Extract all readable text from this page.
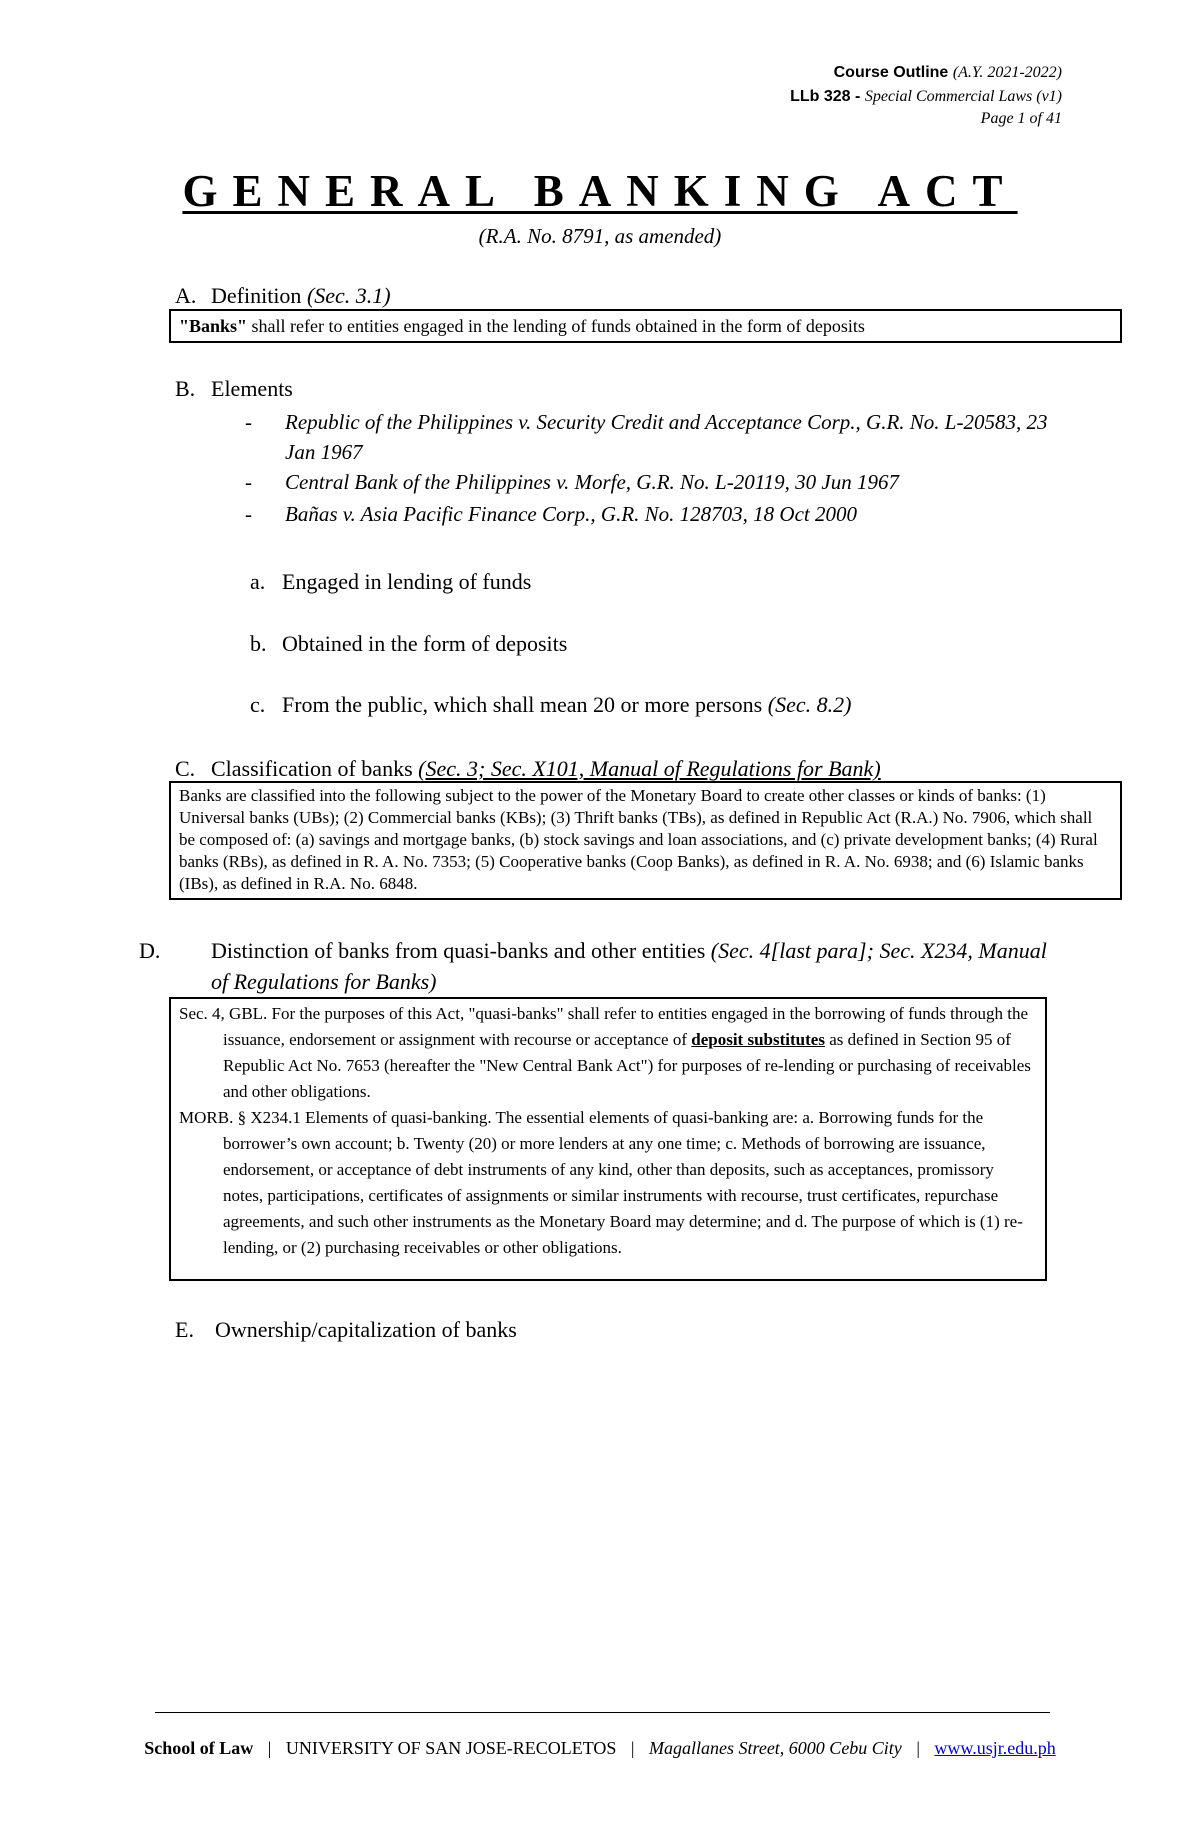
Course Outline (A.Y. 2021-2022)
LLb 328 - Special Commercial Laws (v1)
Page 1 of 41
GENERAL BANKING ACT
(R.A. No. 8791, as amended)
A. Definition (Sec. 3.1)
"Banks" shall refer to entities engaged in the lending of funds obtained in the form of deposits
B. Elements
- Republic of the Philippines v. Security Credit and Acceptance Corp., G.R. No. L-20583, 23 Jan 1967
- Central Bank of the Philippines v. Morfe, G.R. No. L-20119, 30 Jun 1967
- Bañas v. Asia Pacific Finance Corp., G.R. No. 128703, 18 Oct 2000
a. Engaged in lending of funds
b. Obtained in the form of deposits
c. From the public, which shall mean 20 or more persons (Sec. 8.2)
C. Classification of banks (Sec. 3; Sec. X101, Manual of Regulations for Bank)
Banks are classified into the following subject to the power of the Monetary Board to create other classes or kinds of banks: (1) Universal banks (UBs); (2) Commercial banks (KBs); (3) Thrift banks (TBs), as defined in Republic Act (R.A.) No. 7906, which shall be composed of: (a) savings and mortgage banks, (b) stock savings and loan associations, and (c) private development banks; (4) Rural banks (RBs), as defined in R. A. No. 7353; (5) Cooperative banks (Coop Banks), as defined in R. A. No. 6938; and (6) Islamic banks (IBs), as defined in R.A. No. 6848.
D. Distinction of banks from quasi-banks and other entities (Sec. 4[last para]; Sec. X234, Manual of Regulations for Banks)

Sec. 4, GBL. For the purposes of this Act, "quasi-banks" shall refer to entities engaged in the borrowing of funds through the issuance, endorsement or assignment with recourse or acceptance of deposit substitutes as defined in Section 95 of Republic Act No. 7653 (hereafter the "New Central Bank Act") for purposes of re-lending or purchasing of receivables and other obligations.

MORB. § X234.1 Elements of quasi-banking. The essential elements of quasi-banking are: a. Borrowing funds for the borrower’s own account; b. Twenty (20) or more lenders at any one time; c. Methods of borrowing are issuance, endorsement, or acceptance of debt instruments of any kind, other than deposits, such as acceptances, promissory notes, participations, certificates of assignments or similar instruments with recourse, trust certificates, repurchase agreements, and such other instruments as the Monetary Board may determine; and d. The purpose of which is (1) re-lending, or (2) purchasing receivables or other obligations.

E. Ownership/capitalization of banks
School of Law | UNIVERSITY OF SAN JOSE-RECOLETOS | Magallanes Street, 6000 Cebu City | www.usjr.edu.ph
